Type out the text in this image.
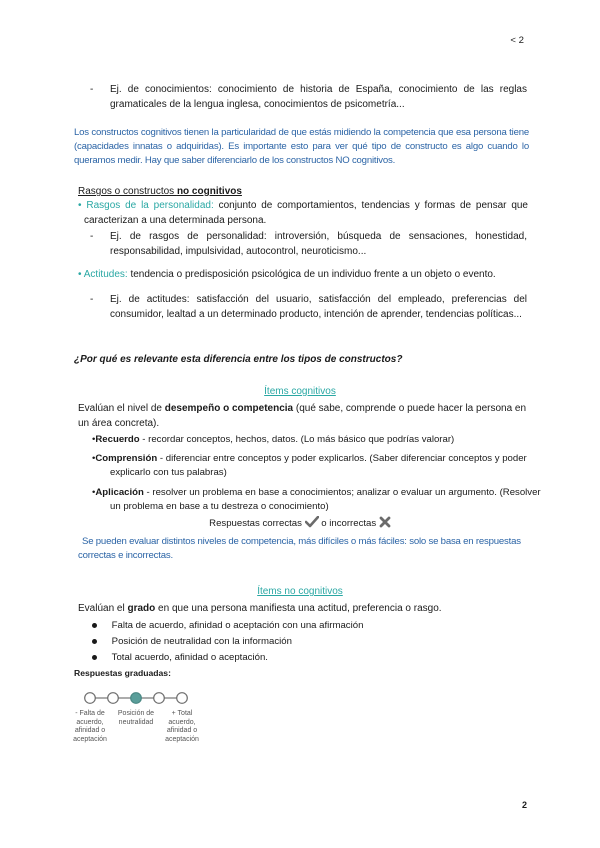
< 2
-	Ej. de conocimientos: conocimiento de historia de España, conocimiento de las reglas gramaticales de la lengua inglesa, conocimientos de psicometría...
Los constructos cognitivos tienen la particularidad de que estás midiendo la competencia que esa persona tiene (capacidades innatas o adquiridas). Es importante esto para ver qué tipo de constructo es algo cuando lo queramos medir. Hay que saber diferenciarlo de los constructos NO cognitivos.
Rasgos o constructos no cognitivos
• Rasgos de la personalidad: conjunto de comportamientos, tendencias y formas de pensar que caracterizan a una determinada persona.
-	Ej. de rasgos de personalidad: introversión, búsqueda de sensaciones, honestidad, responsabilidad, impulsividad, autocontrol, neuroticismo...
• Actitudes: tendencia o predisposición psicológica de un individuo frente a un objeto o evento.
-	Ej. de actitudes: satisfacción del usuario, satisfacción del empleado, preferencias del consumidor, lealtad a un determinado producto, intención de aprender, tendencias políticas...
¿Por qué es relevante esta diferencia entre los tipos de constructos?
Ítems cognitivos
Evalúan el nivel de desempeño o competencia (qué sabe, comprende o puede hacer la persona en un área concreta).
•Recuerdo - recordar conceptos, hechos, datos. (Lo más básico que podrías valorar)
•Comprensión - diferenciar entre conceptos y poder explicarlos. (Saber diferenciar conceptos y poder explicarlo con tus palabras)
•Aplicación - resolver un problema en base a conocimientos; analizar o evaluar un argumento. (Resolver un problema en base a tu destreza o conocimiento)
Respuestas correctas  o incorrectas
Se pueden evaluar distintos niveles de competencia, más difíciles o más fáciles: solo se basa en respuestas correctas e incorrectas.
Ítems no cognitivos
Evalúan el grado en que una persona manifiesta una actitud, preferencia o rasgo.
Falta de acuerdo, afinidad o aceptación con una afirmación
Posición de neutralidad con la información
Total acuerdo, afinidad o aceptación.
Respuestas graduadas:
- Falta de acuerdo, afinidad o aceptación
Posición de neutralidad
+ Total acuerdo, afinidad o aceptación
2
